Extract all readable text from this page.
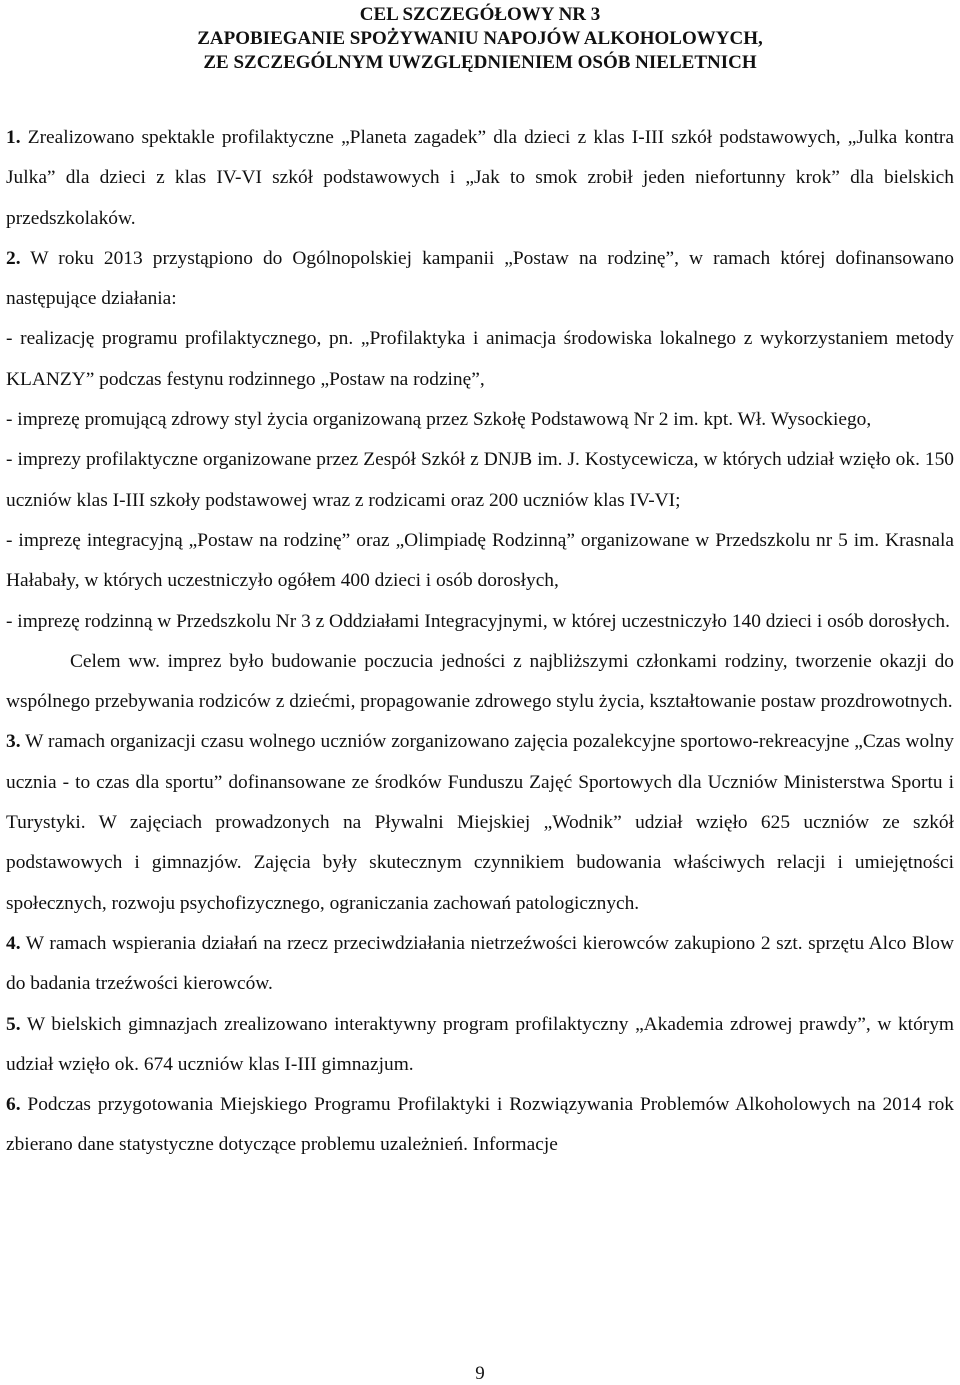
CEL SZCZEGÓŁOWY NR 3
ZAPOBIEGANIE SPOŻYWANIU NAPOJÓW ALKOHOLOWYCH,
ZE SZCZEGÓLNYM UWZGLĘDNIENIEM OSÓB NIELETNICH

1. Zrealizowano spektakle profilaktyczne „Planeta zagadek” dla dzieci z klas I-III szkół podstawowych, „Julka kontra Julka” dla dzieci z klas IV-VI szkół podstawowych i „Jak to smok zrobił jeden niefortunny krok” dla bielskich przedszkolaków.

2. W roku 2013 przystąpiono do Ogólnopolskiej kampanii „Postaw na rodzinę”, w ramach której dofinansowano następujące działania:

- realizację programu profilaktycznego, pn. „Profilaktyka i animacja środowiska lokalnego z wykorzystaniem metody KLANZY” podczas festynu rodzinnego „Postaw na rodzinę”,

- imprezę promującą zdrowy styl życia organizowaną przez Szkołę Podstawową Nr 2 im. kpt. Wł. Wysockiego,

- imprezy profilaktyczne organizowane przez Zespół Szkół z DNJB im. J. Kostycewicza, w których udział wzięło ok. 150 uczniów klas I-III szkoły podstawowej wraz z rodzicami oraz 200 uczniów klas IV-VI;

- imprezę integracyjną „Postaw na rodzinę” oraz „Olimpiadę Rodzinną” organizowane w Przedszkolu nr 5 im. Krasnala Hałabały, w których uczestniczyło ogółem 400 dzieci i osób dorosłych,

- imprezę rodzinną w Przedszkolu Nr 3 z Oddziałami Integracyjnymi, w której uczestniczyło 140 dzieci i osób dorosłych.

Celem ww. imprez było budowanie poczucia jedności z najbliższymi członkami rodziny, tworzenie okazji do wspólnego przebywania rodziców z dziećmi, propagowanie zdrowego stylu życia, kształtowanie postaw prozdrowotnych.

3. W ramach organizacji czasu wolnego uczniów zorganizowano zajęcia pozalekcyjne sportowo-rekreacyjne „Czas wolny ucznia - to czas dla sportu” dofinansowane ze środków Funduszu Zajęć Sportowych dla Uczniów Ministerstwa Sportu i Turystyki. W zajęciach prowadzonych na Pływalni Miejskiej „Wodnik” udział wzięło 625 uczniów ze szkół podstawowych i gimnazjów. Zajęcia były skutecznym czynnikiem budowania właściwych relacji i umiejętności społecznych, rozwoju psychofizycznego, ograniczania zachowań patologicznych.

4. W ramach wspierania działań na rzecz przeciwdziałania nietrzeźwości kierowców zakupiono 2 szt. sprzętu Alco Blow do badania trzeźwości kierowców.

5. W bielskich gimnazjach zrealizowano interaktywny program profilaktyczny „Akademia zdrowej prawdy”, w którym udział wzięło ok. 674 uczniów klas I-III gimnazjum.

6. Podczas przygotowania Miejskiego Programu Profilaktyki i Rozwiązywania Problemów Alkoholowych na 2014 rok zbierano dane statystyczne dotyczące problemu uzależnień. Informacje

9
